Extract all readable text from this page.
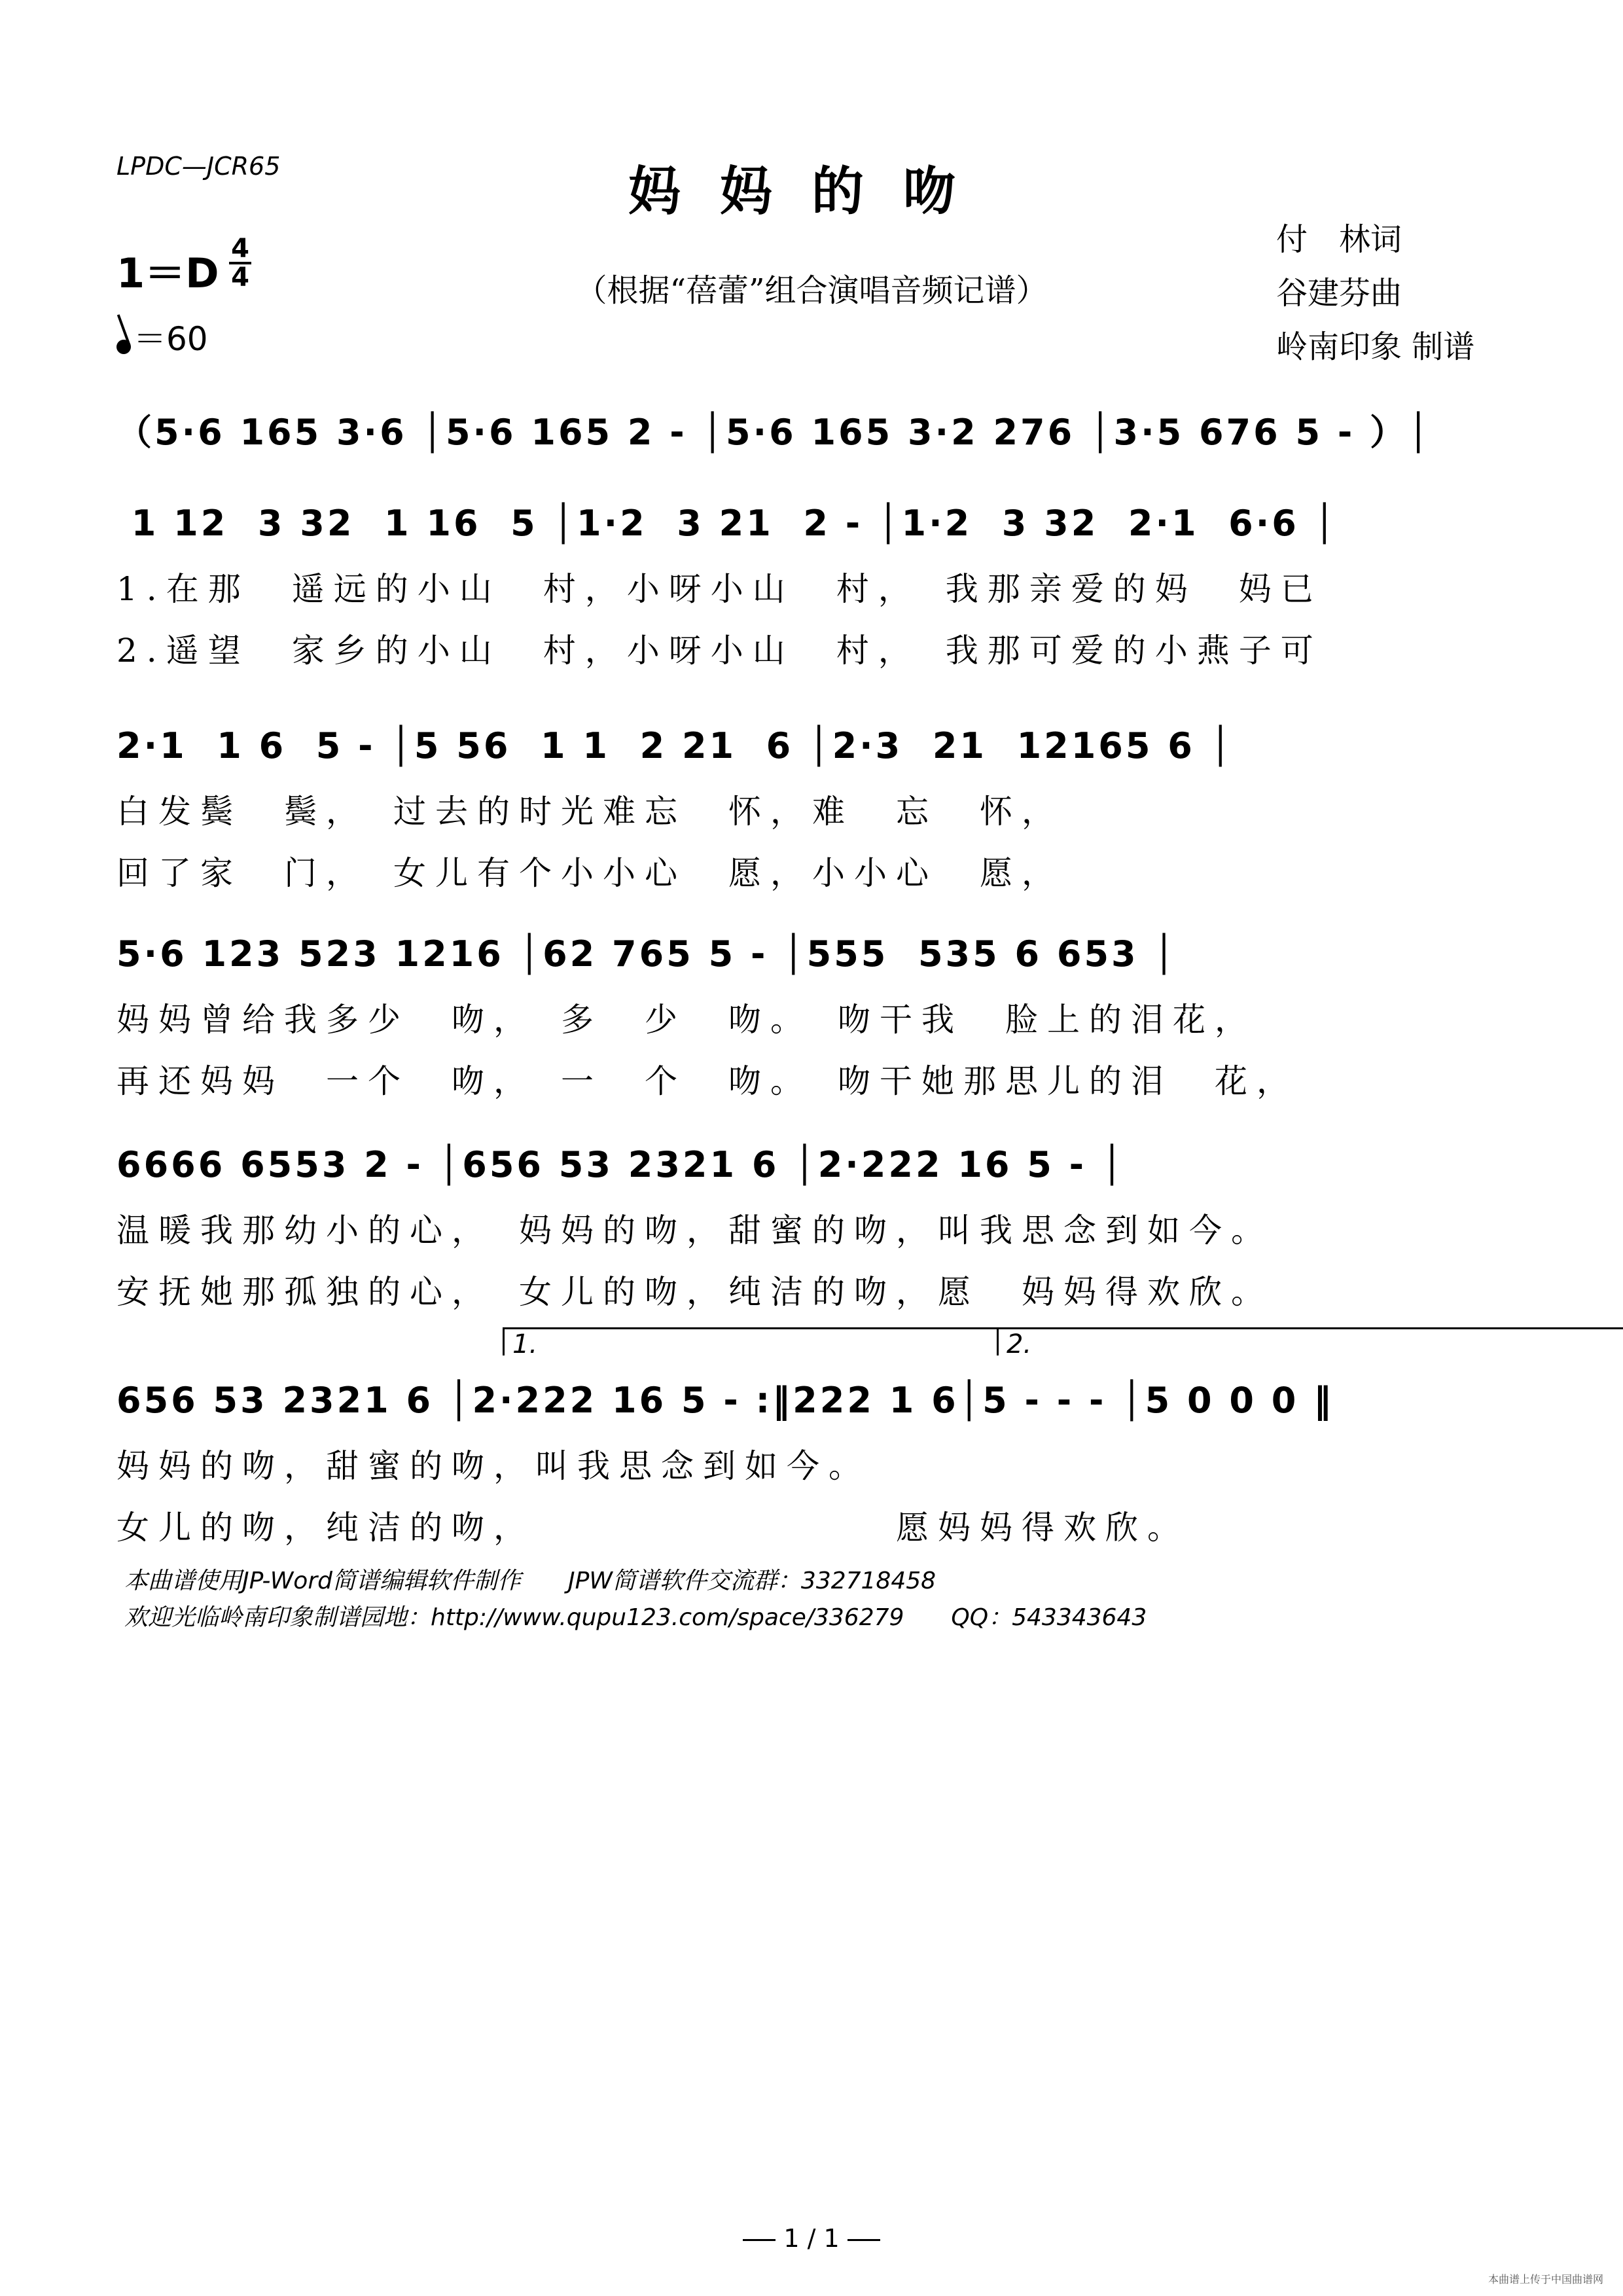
LPDC—JCR65	妈妈的吻
1＝D
4
4
＝60
（根据“蓓蕾”组合演唱音频记谱）
付　林词
谷建芬曲
岭南印象 制谱
（5·6 165 3·6 │5·6 165 2 - │5·6 165 3·2 276 │3·5 676 5 - ）│
1 12  3 32  1 16  5 │1·2  3 21  2 - │1·2  3 32  2·1  6·6 │
1.在那　遥远的小山　村，小呀小山　村，　我那亲爱的妈　妈已
2.遥望　家乡的小山　村，小呀小山　村，　我那可爱的小燕子可
2·1  1 6  5 - │5 56  1 1  2 21  6 │2·3  21  12165 6 │
白发鬓　鬓，　过去的时光难忘　怀，难　忘　怀，
回了家　门，　女儿有个小小心　愿，小小心　愿，
5·6 123 523 1216 │62 765 5 - │555  535 6 653 │
妈妈曾给我多少　吻，　多　少　吻。　吻干我　脸上的泪花，
再还妈妈　一个　吻，　一　个　吻。　吻干她那思儿的泪　花，
6666 6553 2 - │656 53 2321 6 │2·222 16 5 - │
温暖我那幼小的心，　妈妈的吻，甜蜜的吻，叫我思念到如今。
安抚她那孤独的心，　女儿的吻，纯洁的吻，愿　妈妈得欢欣。
1.	2.
656 53 2321 6 │2·222 16 5 - :‖222 1 6│5 - - - │5 0 0 0 ‖
妈妈的吻，甜蜜的吻，叫我思念到如今。
女儿的吻，纯洁的吻，　　　　　　　　　愿妈妈得欢欣。
本曲谱使用JP-Word简谱编辑软件制作　　JPW简谱软件交流群：332718458
欢迎光临岭南印象制谱园地：http://www.qupu123.com/space/336279　　QQ：543343643
1 / 1
本曲谱上传于中国曲谱网
